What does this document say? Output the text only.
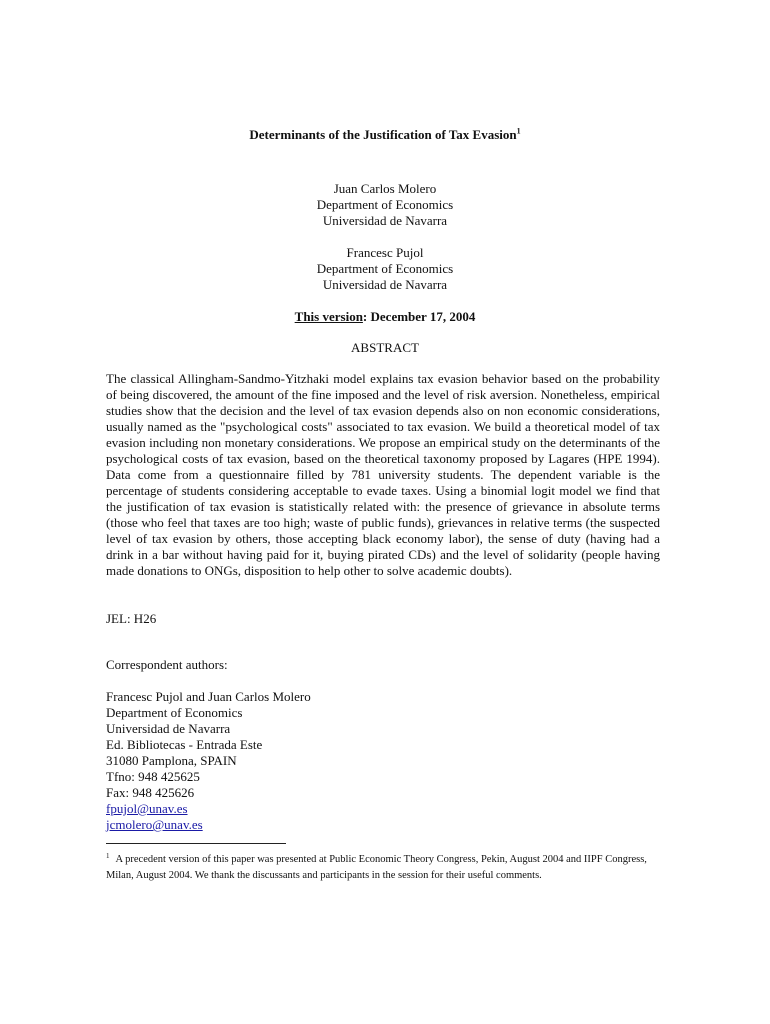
Determinants of the Justification of Tax Evasion$^1$
Juan Carlos Molero
Department of Economics
Universidad de Navarra
Francesc Pujol
Department of Economics
Universidad de Navarra
This version: December 17, 2004
ABSTRACT
The classical Allingham-Sandmo-Yitzhaki model explains tax evasion behavior based on the probability of being discovered, the amount of the fine imposed and the level of risk aversion. Nonetheless, empirical studies show that the decision and the level of tax evasion depends also on non economic considerations, usually named as the "psychological costs" associated to tax evasion. We build a theoretical model of tax evasion including non monetary considerations. We propose an empirical study on the determinants of the psychological costs of tax evasion, based on the theoretical taxonomy proposed by Lagares (HPE 1994). Data come from a questionnaire filled by 781 university students. The dependent variable is the percentage of students considering acceptable to evade taxes. Using a binomial logit model we find that the justification of tax evasion is statistically related with: the presence of grievance in absolute terms (those who feel that taxes are too high; waste of public funds), grievances in relative terms (the suspected level of tax evasion by others, those accepting black economy labor), the sense of duty (having had a drink in a bar without having paid for it, buying pirated CDs) and the level of solidarity (people having made donations to ONGs, disposition to help other to solve academic doubts).
JEL: H26
Correspondent authors:
Francesc Pujol and Juan Carlos Molero
Department of Economics
Universidad de Navarra
Ed. Bibliotecas - Entrada Este
31080 Pamplona, SPAIN
Tfno: 948 425625
Fax: 948 425626
fpujol@unav.es
jcmolero@unav.es
$^1$ A precedent version of this paper was presented at Public Economic Theory Congress, Pekin, August 2004 and IIPF Congress, Milan, August 2004. We thank the discussants and participants in the session for their useful comments.
